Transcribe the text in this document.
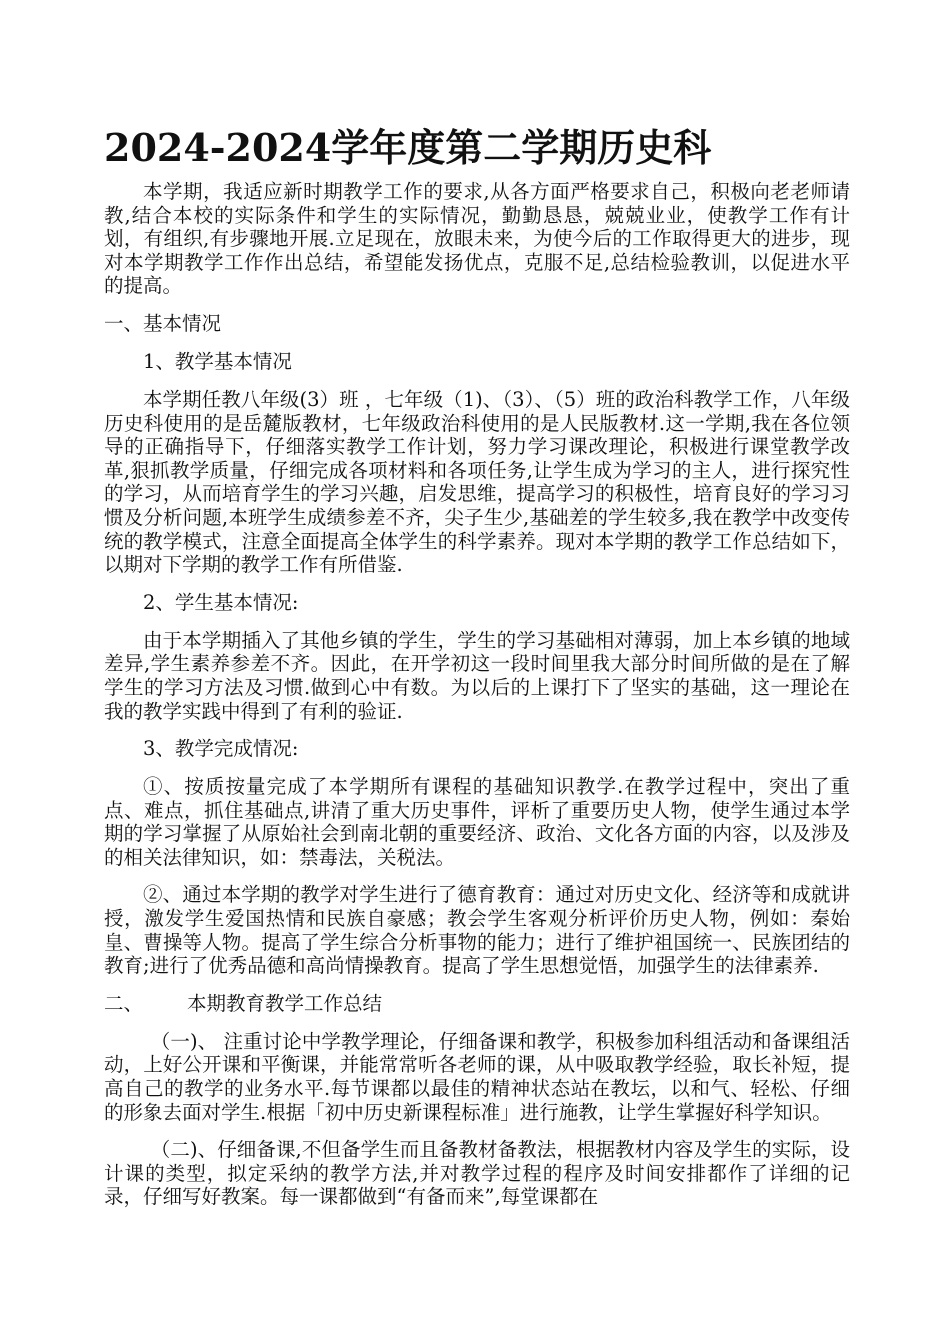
2024-2024学年度第二学期历史科

本学期，我适应新时期教学工作的要求,从各方面严格要求自己，积极向老老师请教,结合本校的实际条件和学生的实际情况，勤勤恳恳，兢兢业业，使教学工作有计划，有组织,有步骤地开展.立足现在，放眼未来，为使今后的工作取得更大的进步，现对本学期教学工作作出总结，希望能发扬优点，克服不足,总结检验教训，以促进水平的提高。

一、基本情况

1、教学基本情况

本学期任教八年级(3）班 ，七年级（1)、（3）、（5）班的政治科教学工作，八年级历史科使用的是岳麓版教材，七年级政治科使用的是人民版教材.这一学期,我在各位领导的正确指导下，仔细落实教学工作计划，努力学习课改理论，积极进行课堂教学改革,狠抓教学质量，仔细完成各项材料和各项任务,让学生成为学习的主人，进行探究性的学习，从而培育学生的学习兴趣，启发思维，提高学习的积极性，培育良好的学习习惯及分析问题,本班学生成绩参差不齐，尖子生少,基础差的学生较多,我在教学中改变传统的教学模式，注意全面提高全体学生的科学素养。现对本学期的教学工作总结如下，以期对下学期的教学工作有所借鉴.

2、学生基本情况:

由于本学期插入了其他乡镇的学生，学生的学习基础相对薄弱，加上本乡镇的地域差异,学生素养参差不齐。因此，在开学初这一段时间里我大部分时间所做的是在了解学生的学习方法及习惯.做到心中有数。为以后的上课打下了坚实的基础，这一理论在我的教学实践中得到了有利的验证.

3、教学完成情况:

①、按质按量完成了本学期所有课程的基础知识教学.在教学过程中，突出了重点、难点，抓住基础点,讲清了重大历史事件，评析了重要历史人物，使学生通过本学期的学习掌握了从原始社会到南北朝的重要经济、政治、文化各方面的内容，以及涉及的相关法律知识，如：禁毒法，关税法。

②、通过本学期的教学对学生进行了德育教育：通过对历史文化、经济等和成就讲授，激发学生爱国热情和民族自豪感；教会学生客观分析评价历史人物，例如：秦始皇、曹操等人物。提高了学生综合分析事物的能力；进行了维护祖国统一、民族团结的教育;进行了优秀品德和高尚情操教育。提高了学生思想觉悟，加强学生的法律素养.

二、 本期教育教学工作总结

（一)、 注重讨论中学教学理论，仔细备课和教学，积极参加科组活动和备课组活动，上好公开课和平衡课，并能常常听各老师的课，从中吸取教学经验，取长补短，提高自己的教学的业务水平.每节课都以最佳的精神状态站在教坛，以和气、轻松、仔细的形象去面对学生.根据「初中历史新课程标准」进行施教，让学生掌握好科学知识。

（二)、仔细备课,不但备学生而且备教材备教法，根据教材内容及学生的实际，设计课的类型，拟定采纳的教学方法,并对教学过程的程序及时间安排都作了详细的记录，仔细写好教案。每一课都做到“有备而来”,每堂课都在
